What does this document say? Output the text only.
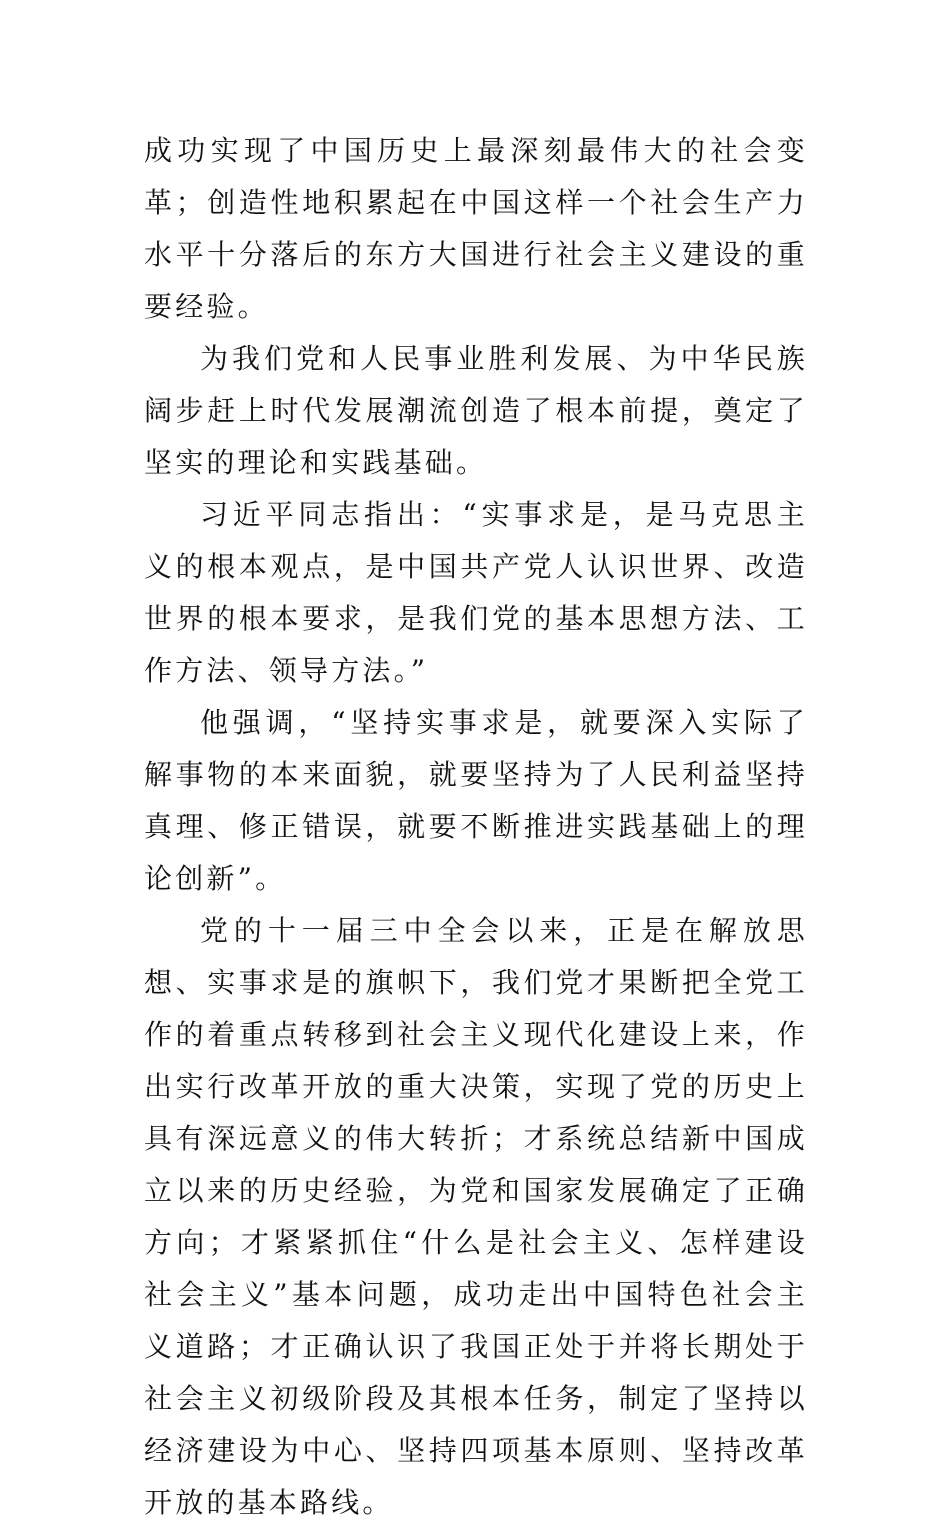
成功实现了中国历史上最深刻最伟大的社会变革；创造性地积累起在中国这样一个社会生产力水平十分落后的东方大国进行社会主义建设的重要经验。

为我们党和人民事业胜利发展、为中华民族阔步赶上时代发展潮流创造了根本前提，奠定了坚实的理论和实践基础。

习近平同志指出：“实事求是，是马克思主义的根本观点，是中国共产党人认识世界、改造世界的根本要求，是我们党的基本思想方法、工作方法、领导方法。”

他强调，“坚持实事求是，就要深入实际了解事物的本来面貌，就要坚持为了人民利益坚持真理、修正错误，就要不断推进实践基础上的理论创新”。

党的十一届三中全会以来，正是在解放思想、实事求是的旗帜下，我们党才果断把全党工作的着重点转移到社会主义现代化建设上来，作出实行改革开放的重大决策，实现了党的历史上具有深远意义的伟大转折；才系统总结新中国成立以来的历史经验，为党和国家发展确定了正确方向；才紧紧抓住“什么是社会主义、怎样建设社会主义”基本问题，成功走出中国特色社会主义道路；才正确认识了我国正处于并将长期处于社会主义初级阶段及其根本任务，制定了坚持以经济建设为中心、坚持四项基本原则、坚持改革开放的基本路线。
